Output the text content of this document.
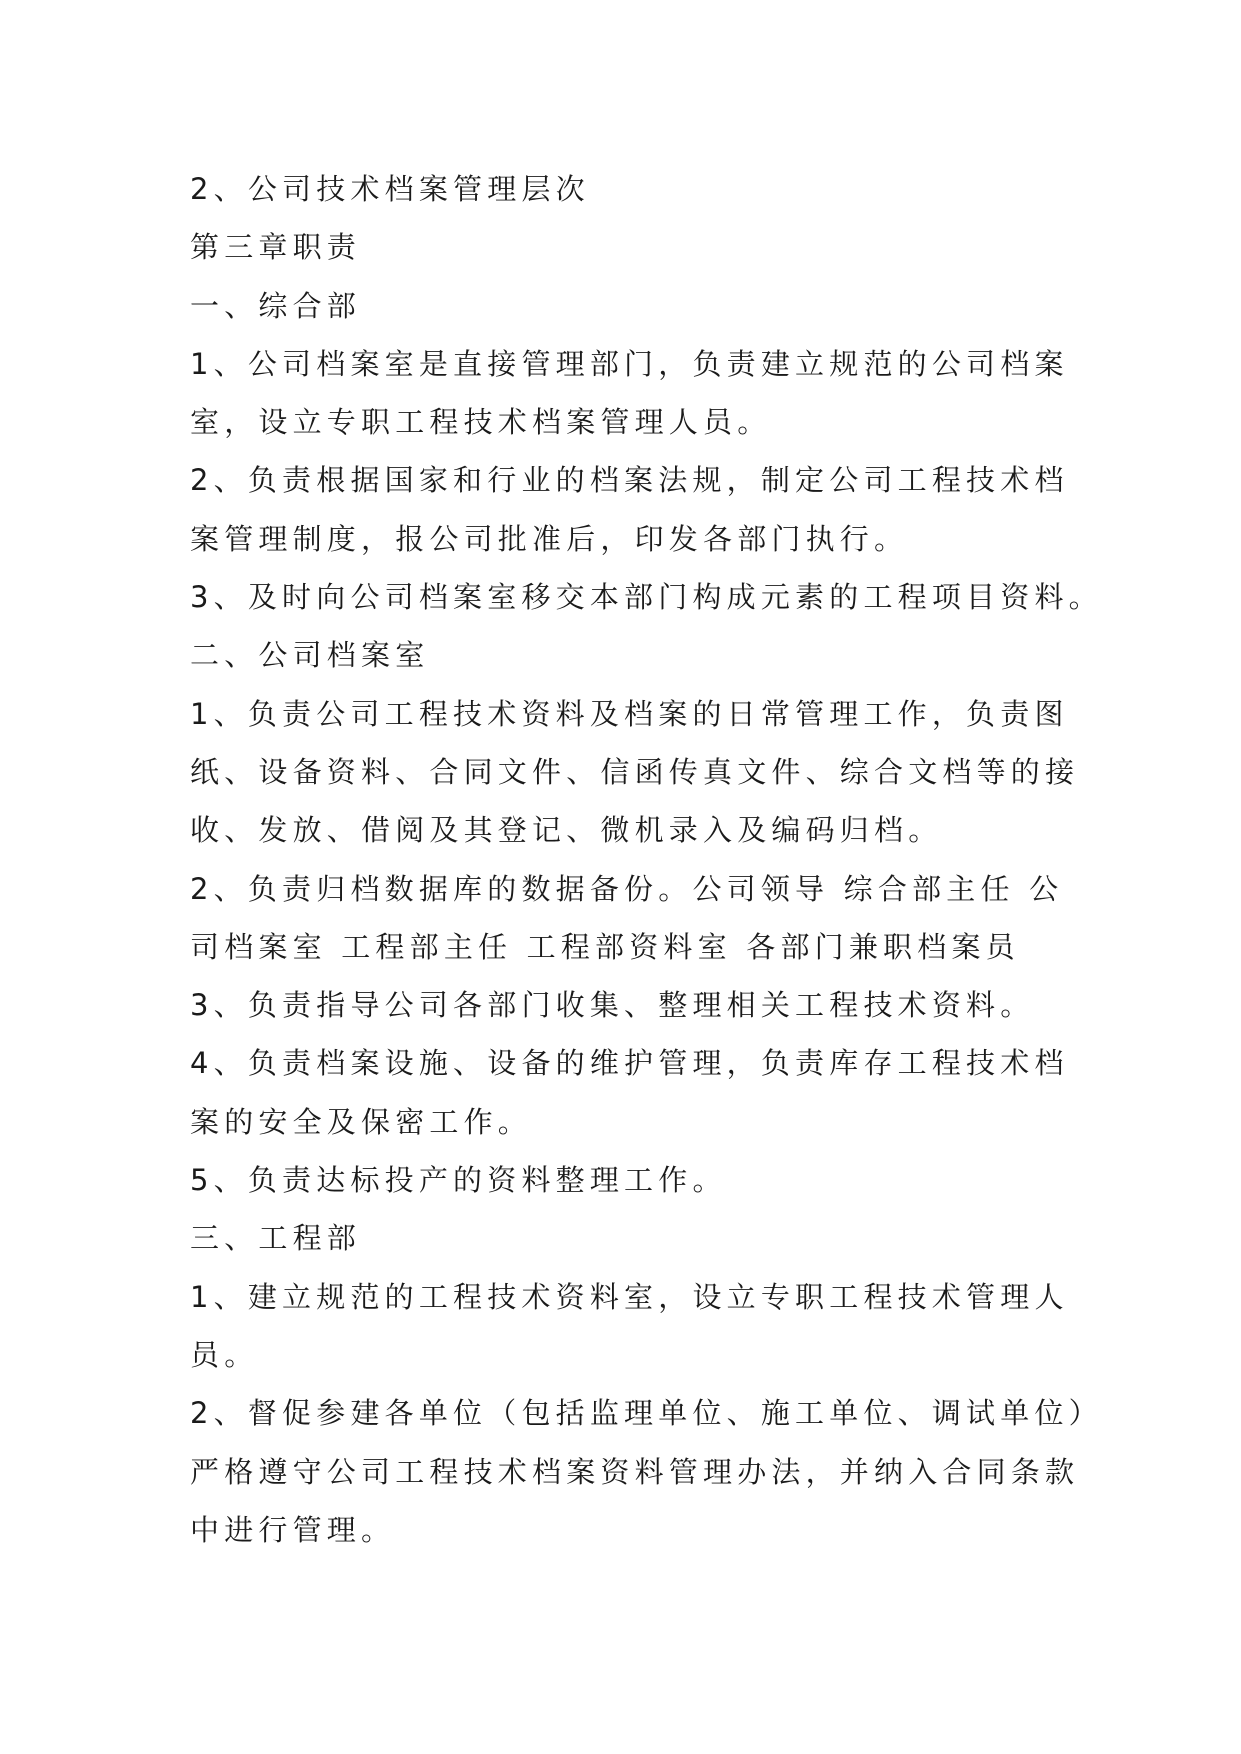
2、公司技术档案管理层次

第三章职责

一、综合部

1、公司档案室是直接管理部门，负责建立规范的公司档案

室，设立专职工程技术档案管理人员。

2、负责根据国家和行业的档案法规，制定公司工程技术档

案管理制度，报公司批准后，印发各部门执行。

3、及时向公司档案室移交本部门构成元素的工程项目资料。

二、公司档案室

1、负责公司工程技术资料及档案的日常管理工作，负责图

纸、设备资料、合同文件、信函传真文件、综合文档等的接

收、发放、借阅及其登记、微机录入及编码归档。

2、负责归档数据库的数据备份。公司领导 综合部主任 公

司档案室 工程部主任 工程部资料室 各部门兼职档案员

3、负责指导公司各部门收集、整理相关工程技术资料。

4、负责档案设施、设备的维护管理，负责库存工程技术档

案的安全及保密工作。

5、负责达标投产的资料整理工作。

三、工程部

1、建立规范的工程技术资料室，设立专职工程技术管理人

员。

2、督促参建各单位（包括监理单位、施工单位、调试单位）

严格遵守公司工程技术档案资料管理办法，并纳入合同条款

中进行管理。
